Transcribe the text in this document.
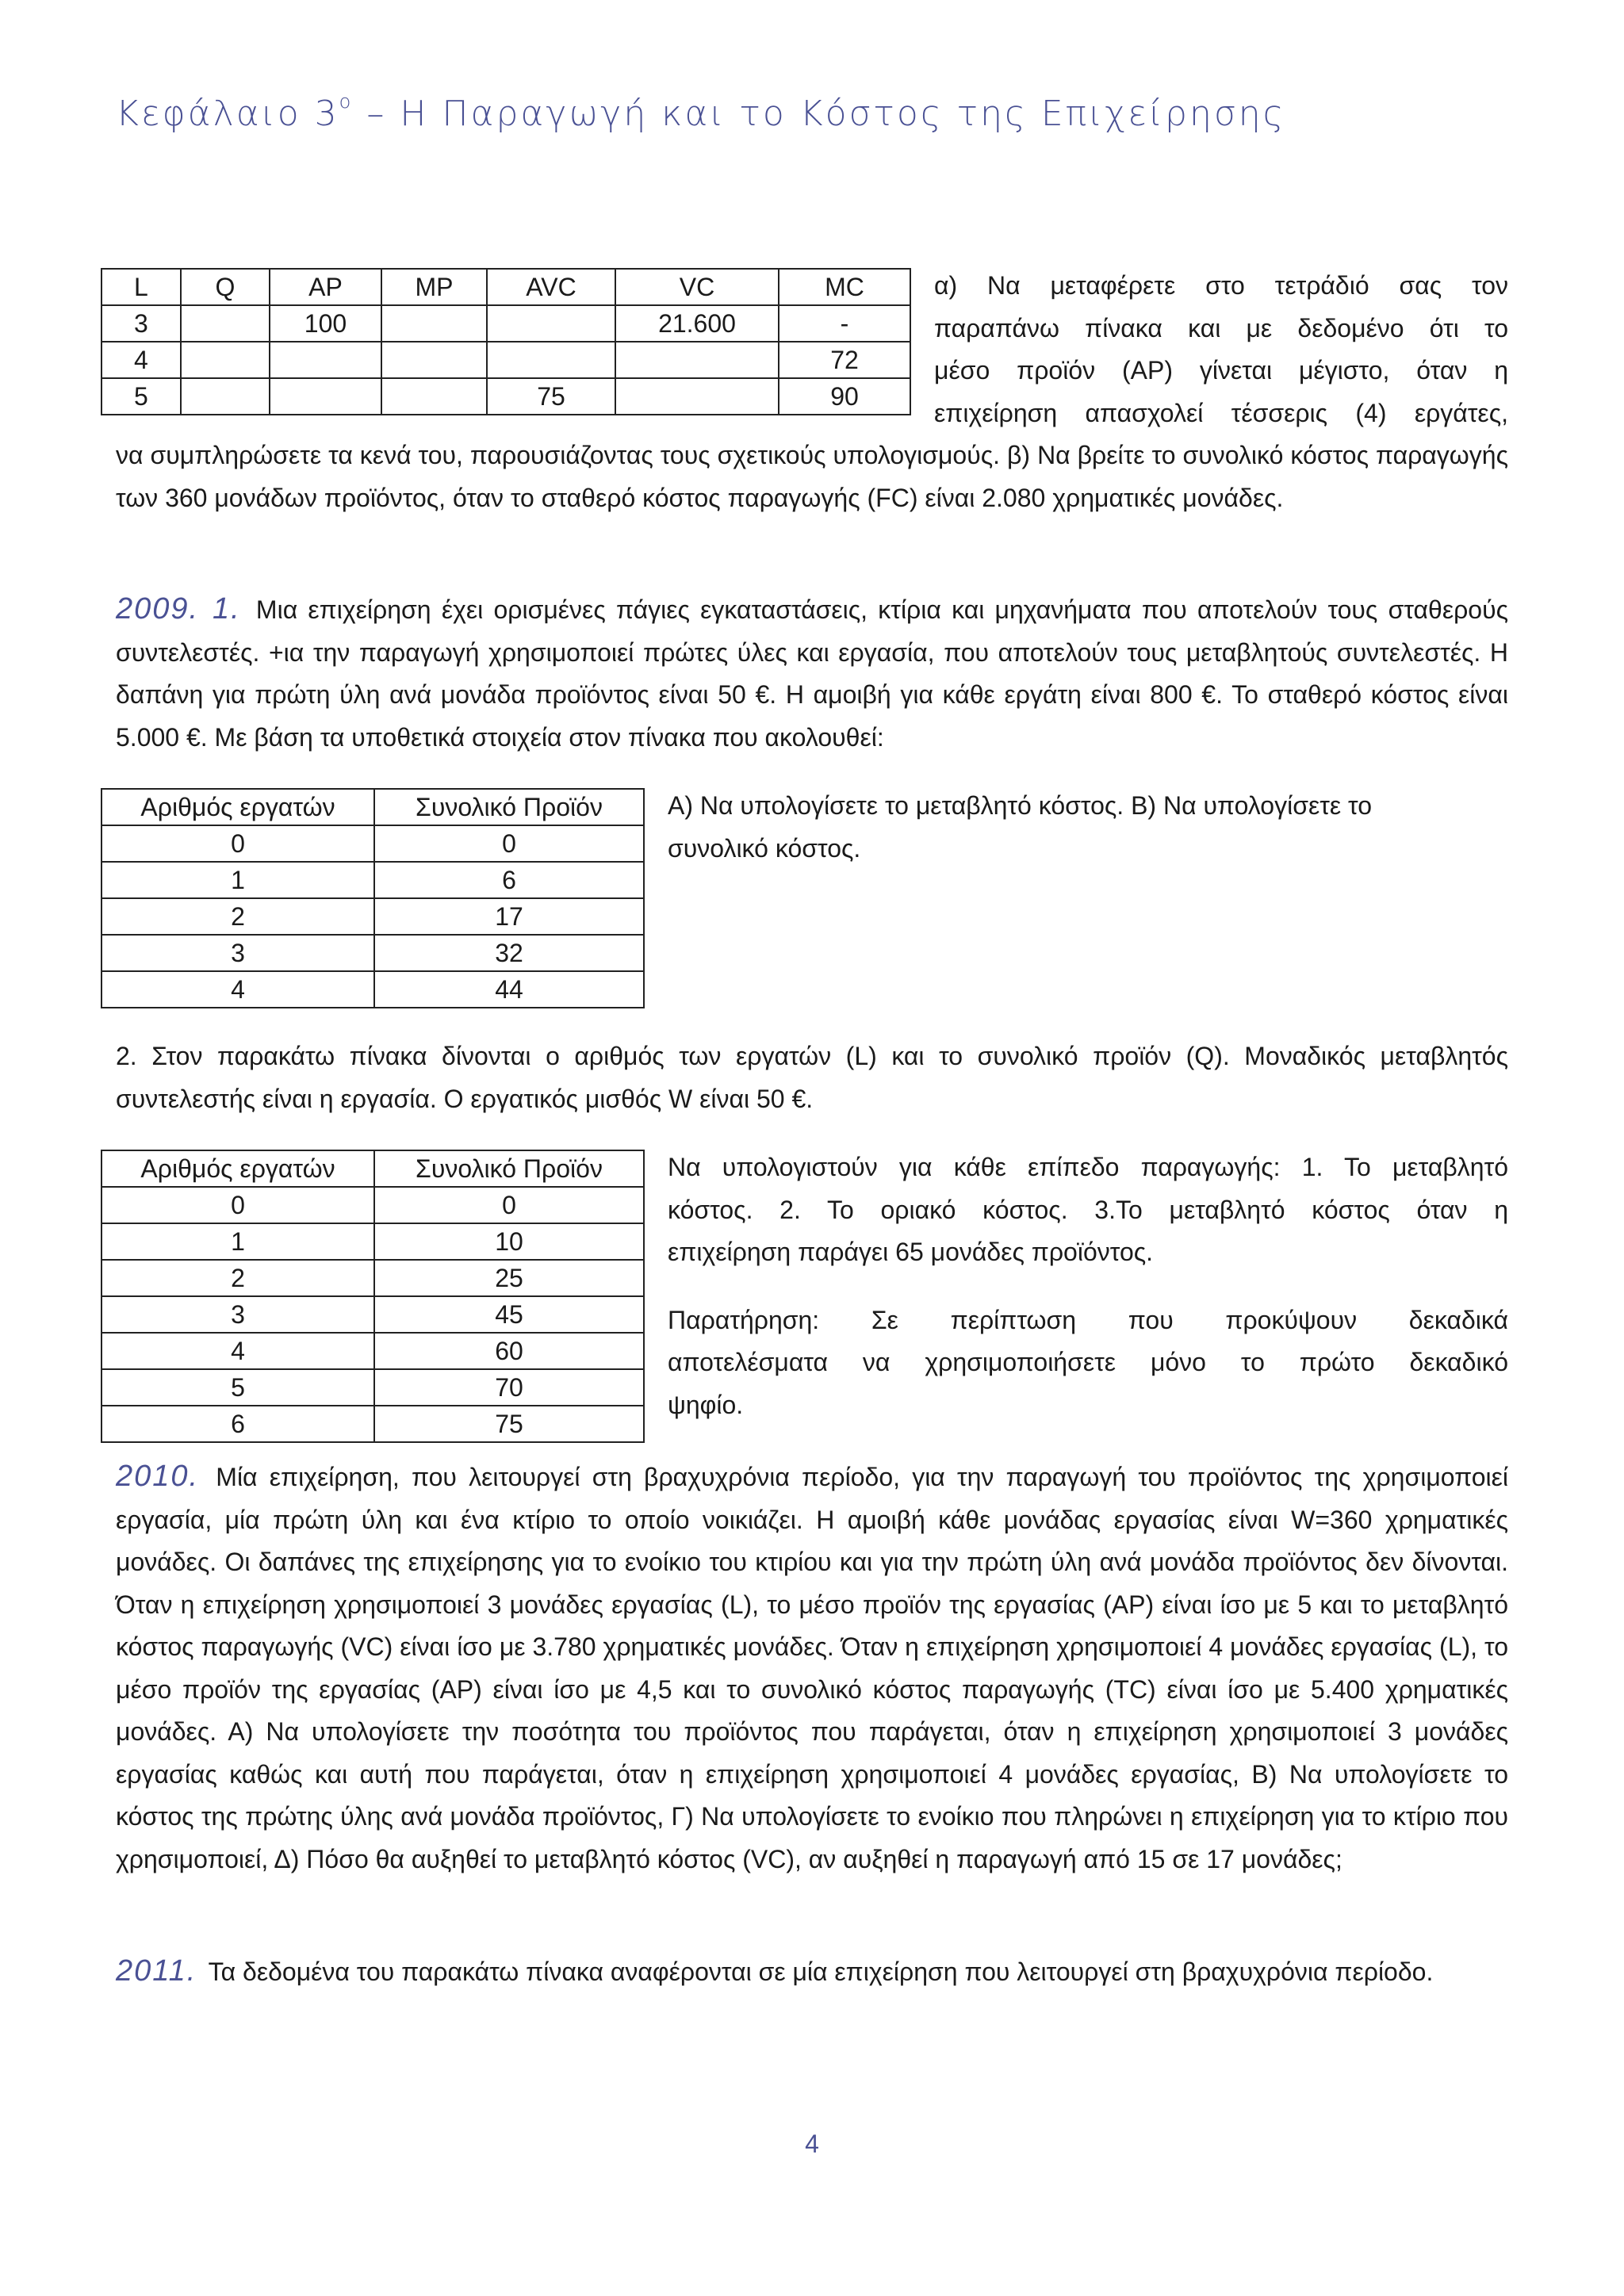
Κεφάλαιο $3^o$ – Η Παραγωγή και το Κόστος της Επιχείρησης
L	Q	AP	MP	AVC	VC	MC
3		100			21.600	-
4						72
5				75		90
α) Να μεταφέρετε στο τετράδιό σας τον
παραπάνω πίνακα και με δεδομένο ότι το
μέσο προϊόν (AP) γίνεται μέγιστο, όταν η
επιχείρηση απασχολεί τέσσερις (4) εργάτες,
να συμπληρώσετε τα κενά του, παρουσιάζοντας τους σχετικούς υπολογισμούς. β) Να βρείτε το συνολικό κόστος παραγωγής των 360 μονάδων προϊόντος, όταν το σταθερό κόστος παραγωγής (FC) είναι 2.080 χρηματικές μονάδες.
2009. 1. Μια επιχείρηση έχει ορισμένες πάγιες εγκαταστάσεις, κτίρια και μηχανήματα που αποτελούν τους σταθερούς συντελεστές. +ια την παραγωγή χρησιμοποιεί πρώτες ύλες και εργασία, που αποτελούν τους μεταβλητούς συντελεστές. Η δαπάνη για πρώτη ύλη ανά μονάδα προϊόντος είναι 50 €. Η αμοιβή για κάθε εργάτη είναι 800 €. Το σταθερό κόστος είναι 5.000 €. Με βάση τα υποθετικά στοιχεία στον πίνακα που ακολουθεί:
Αριθμός εργατών	Συνολικό Προϊόν
0	0
1	6
2	17
3	32
4	44
Α) Να υπολογίσετε το μεταβλητό κόστος. Β) Να υπολογίσετε το
συνολικό κόστος.
2. Στον παρακάτω πίνακα δίνονται ο αριθμός των εργατών (L) και το συνολικό προϊόν (Q). Μοναδικός μεταβλητός συντελεστής είναι η εργασία. Ο εργατικός μισθός W είναι 50 €.
Αριθμός εργατών	Συνολικό Προϊόν
0	0
1	10
2	25
3	45
4	60
5	70
6	75
Να υπολογιστούν για κάθε επίπεδο παραγωγής: 1. Το μεταβλητό
κόστος. 2. Το οριακό κόστος. 3.Το μεταβλητό κόστος όταν η
επιχείρηση παράγει 65 μονάδες προϊόντος.
Παρατήρηση: Σε περίπτωση που προκύψουν δεκαδικά
αποτελέσματα να χρησιμοποιήσετε μόνο το πρώτο δεκαδικό
ψηφίο.
2010. Μία επιχείρηση, που λειτουργεί στη βραχυχρόνια περίοδο, για την παραγωγή του προϊόντος της χρησιμοποιεί εργασία, μία πρώτη ύλη και ένα κτίριο το οποίο νοικιάζει. Η αμοιβή κάθε μονάδας εργασίας είναι W=360 χρηματικές μονάδες. Οι δαπάνες της επιχείρησης για το ενοίκιο του κτιρίου και για την πρώτη ύλη ανά μονάδα προϊόντος δεν δίνονται. Όταν η επιχείρηση χρησιμοποιεί 3 μονάδες εργασίας (L), το μέσο προϊόν της εργασίας (AP) είναι ίσο με 5 και το μεταβλητό κόστος παραγωγής (VC) είναι ίσο με 3.780 χρηματικές μονάδες. Όταν η επιχείρηση χρησιμοποιεί 4 μονάδες εργασίας (L), το μέσο προϊόν της εργασίας (AP) είναι ίσο με 4,5 και το συνολικό κόστος παραγωγής (TC) είναι ίσο με 5.400 χρηματικές μονάδες. Α) Να υπολογίσετε την ποσότητα του προϊόντος που παράγεται, όταν η επιχείρηση χρησιμοποιεί 3 μονάδες εργασίας καθώς και αυτή που παράγεται, όταν η επιχείρηση χρησιμοποιεί 4 μονάδες εργασίας, Β) Να υπολογίσετε το κόστος της πρώτης ύλης ανά μονάδα προϊόντος, Γ) Να υπολογίσετε το ενοίκιο που πληρώνει η επιχείρηση για το κτίριο που χρησιμοποιεί, Δ) Πόσο θα αυξηθεί το μεταβλητό κόστος (VC), αν αυξηθεί η παραγωγή από 15 σε 17 μονάδες;
2011. Τα δεδομένα του παρακάτω πίνακα αναφέρονται σε μία επιχείρηση που λειτουργεί στη βραχυχρόνια περίοδο.
4
